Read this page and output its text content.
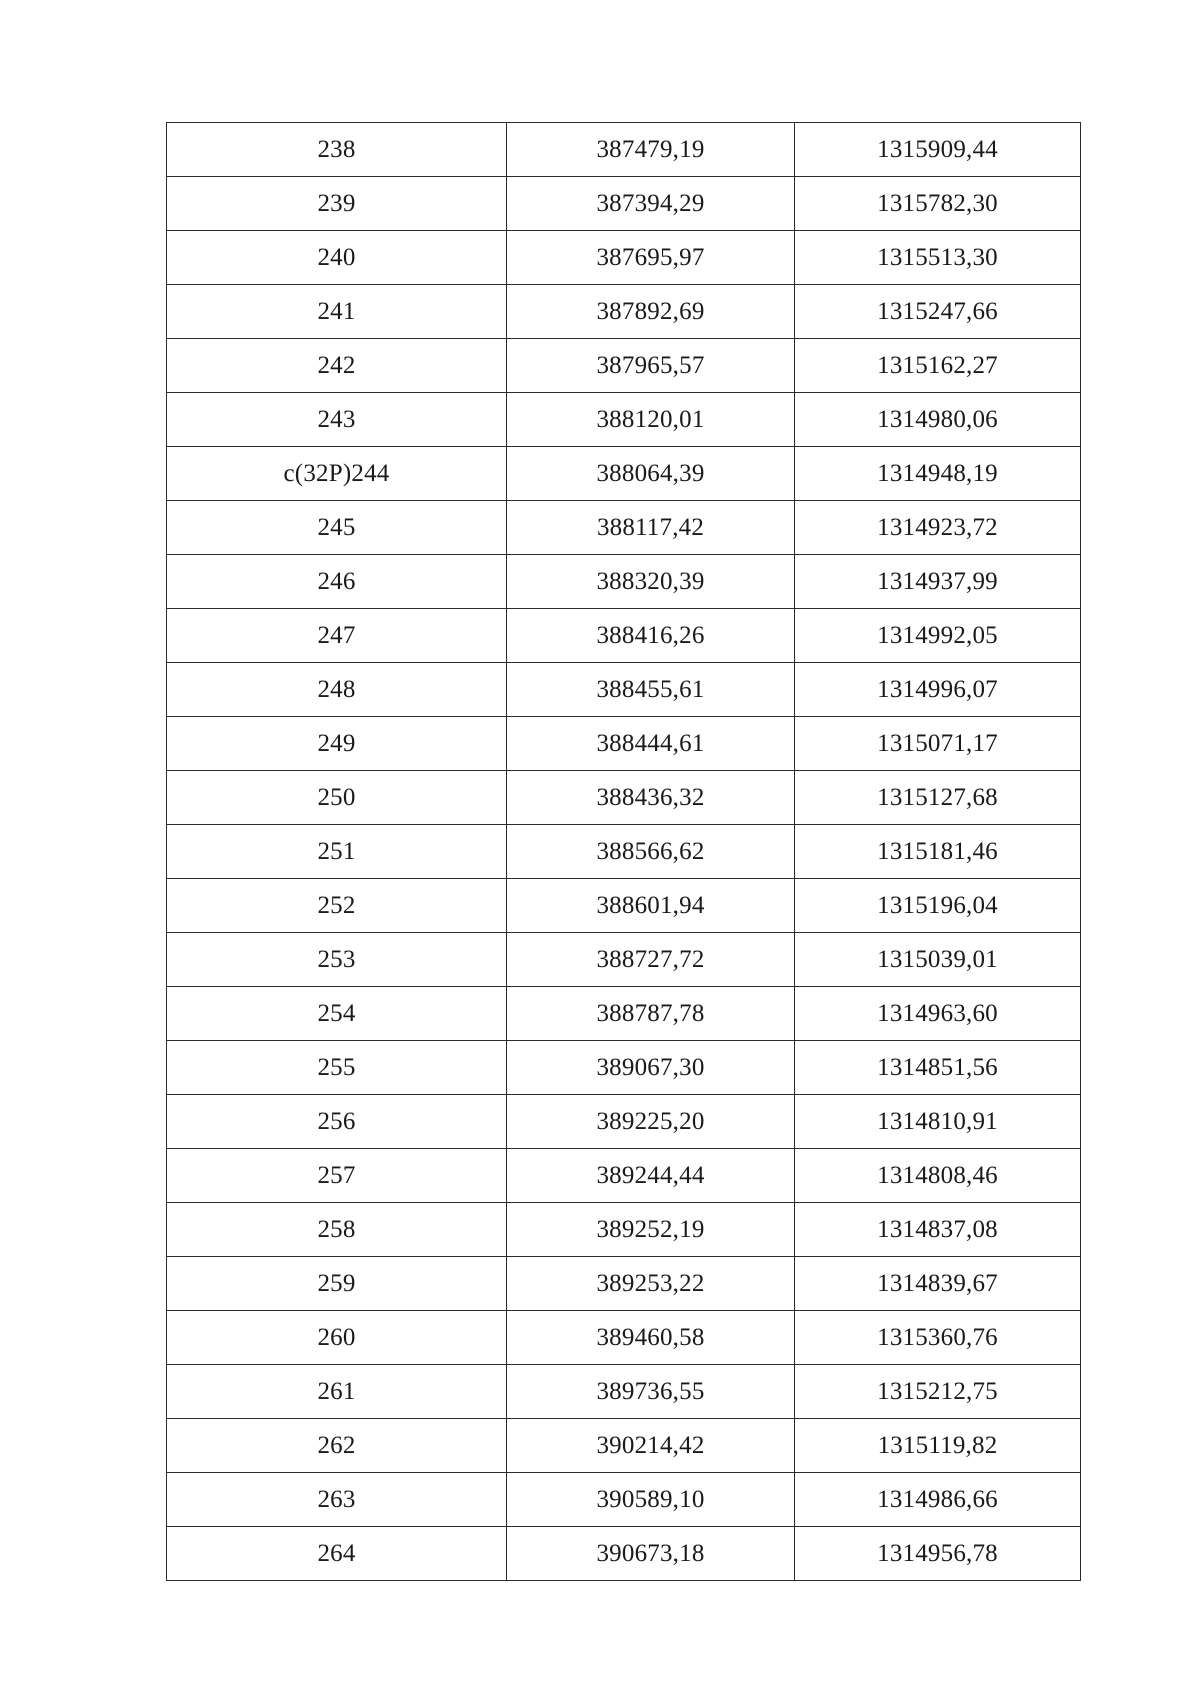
238	387479,19	1315909,44
239	387394,29	1315782,30
240	387695,97	1315513,30
241	387892,69	1315247,66
242	387965,57	1315162,27
243	388120,01	1314980,06
c(32P)244	388064,39	1314948,19
245	388117,42	1314923,72
246	388320,39	1314937,99
247	388416,26	1314992,05
248	388455,61	1314996,07
249	388444,61	1315071,17
250	388436,32	1315127,68
251	388566,62	1315181,46
252	388601,94	1315196,04
253	388727,72	1315039,01
254	388787,78	1314963,60
255	389067,30	1314851,56
256	389225,20	1314810,91
257	389244,44	1314808,46
258	389252,19	1314837,08
259	389253,22	1314839,67
260	389460,58	1315360,76
261	389736,55	1315212,75
262	390214,42	1315119,82
263	390589,10	1314986,66
264	390673,18	1314956,78
